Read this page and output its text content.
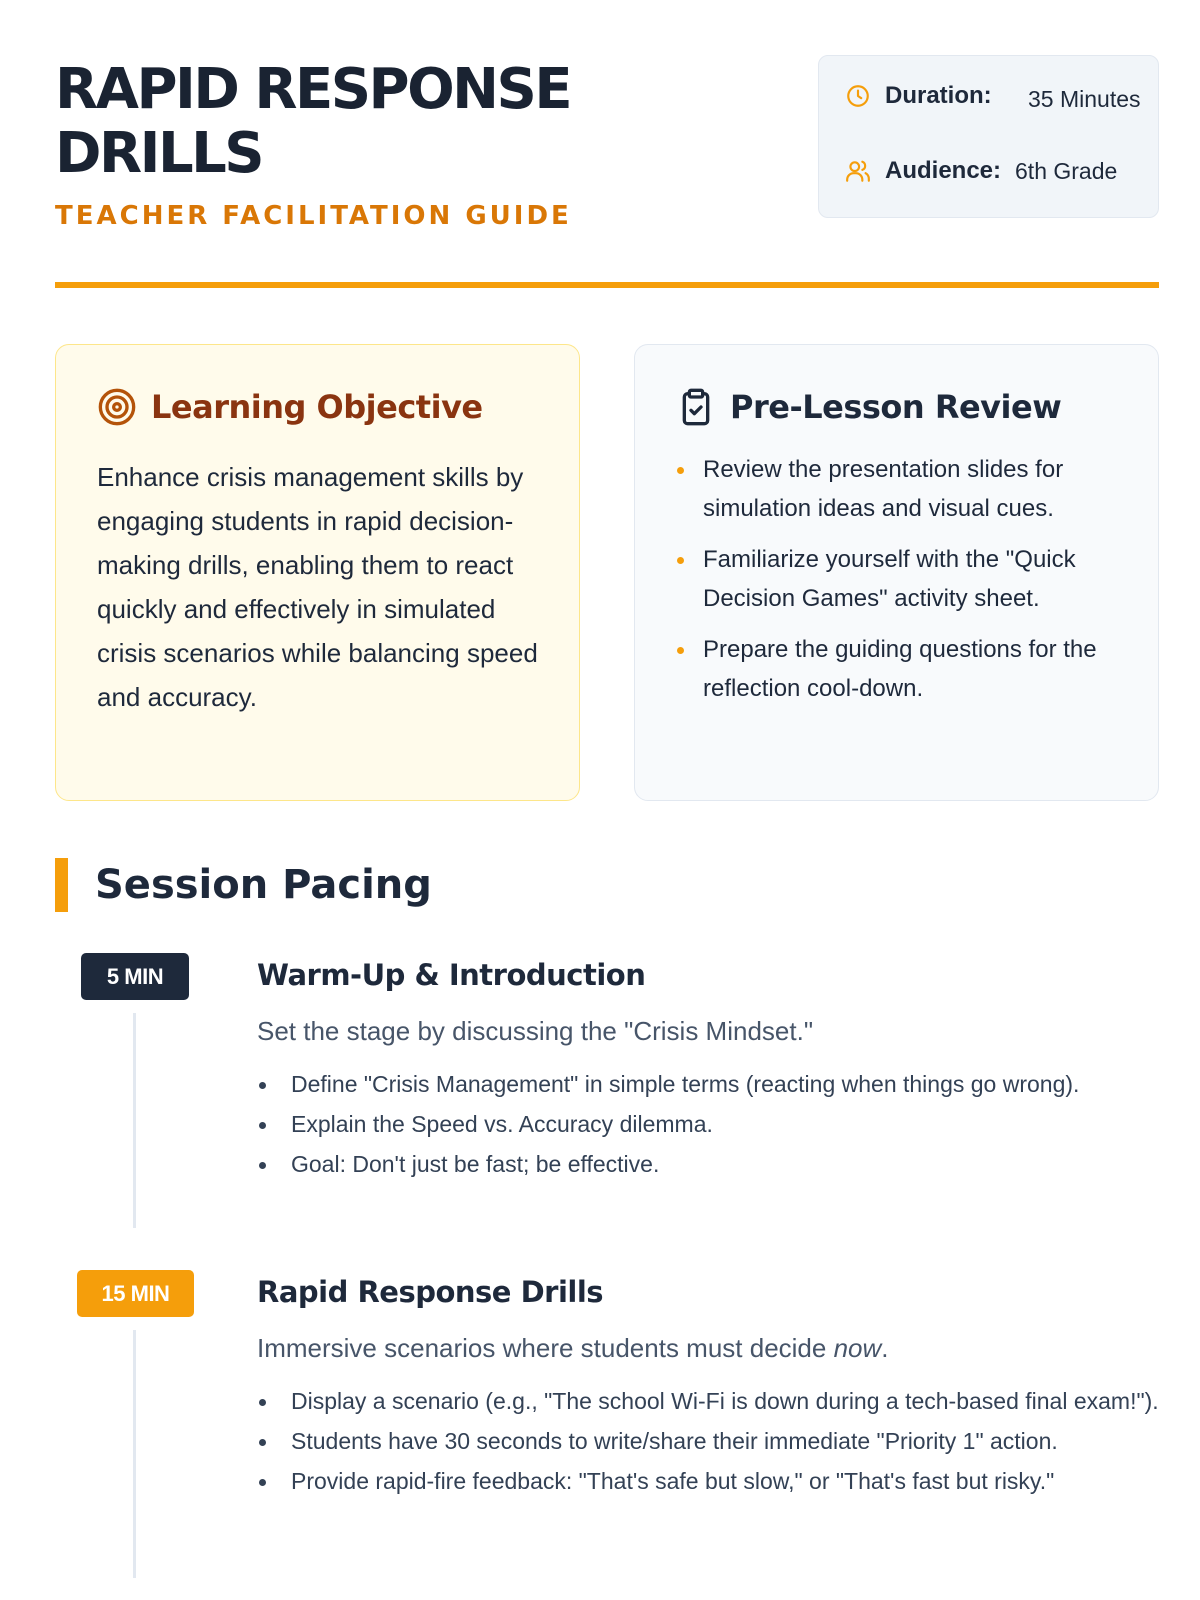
RAPID RESPONSE
DRILLS
TEACHER FACILITATION GUIDE
Duration: 35 Minutes
Audience: 6th Grade
Learning Objective

Enhance crisis management skills by engaging students in rapid decision-making drills, enabling them to react quickly and effectively in simulated crisis scenarios while balancing speed and accuracy.

Pre-Lesson Review
Review the presentation slides for simulation ideas and visual cues.
Familiarize yourself with the "Quick Decision Games" activity sheet.
Prepare the guiding questions for the reflection cool-down.
Session Pacing
5 MIN	Warm-Up & Introduction
Set the stage by discussing the "Crisis Mindset."
Define "Crisis Management" in simple terms (reacting when things go wrong).
Explain the Speed vs. Accuracy dilemma.
Goal: Don't just be fast; be effective.
15 MIN	Rapid Response Drills
Immersive scenarios where students must decide now.
Display a scenario (e.g., "The school Wi-Fi is down during a tech-based final exam!").
Students have 30 seconds to write/share their immediate "Priority 1" action.
Provide rapid-fire feedback: "That's safe but slow," or "That's fast but risky."
